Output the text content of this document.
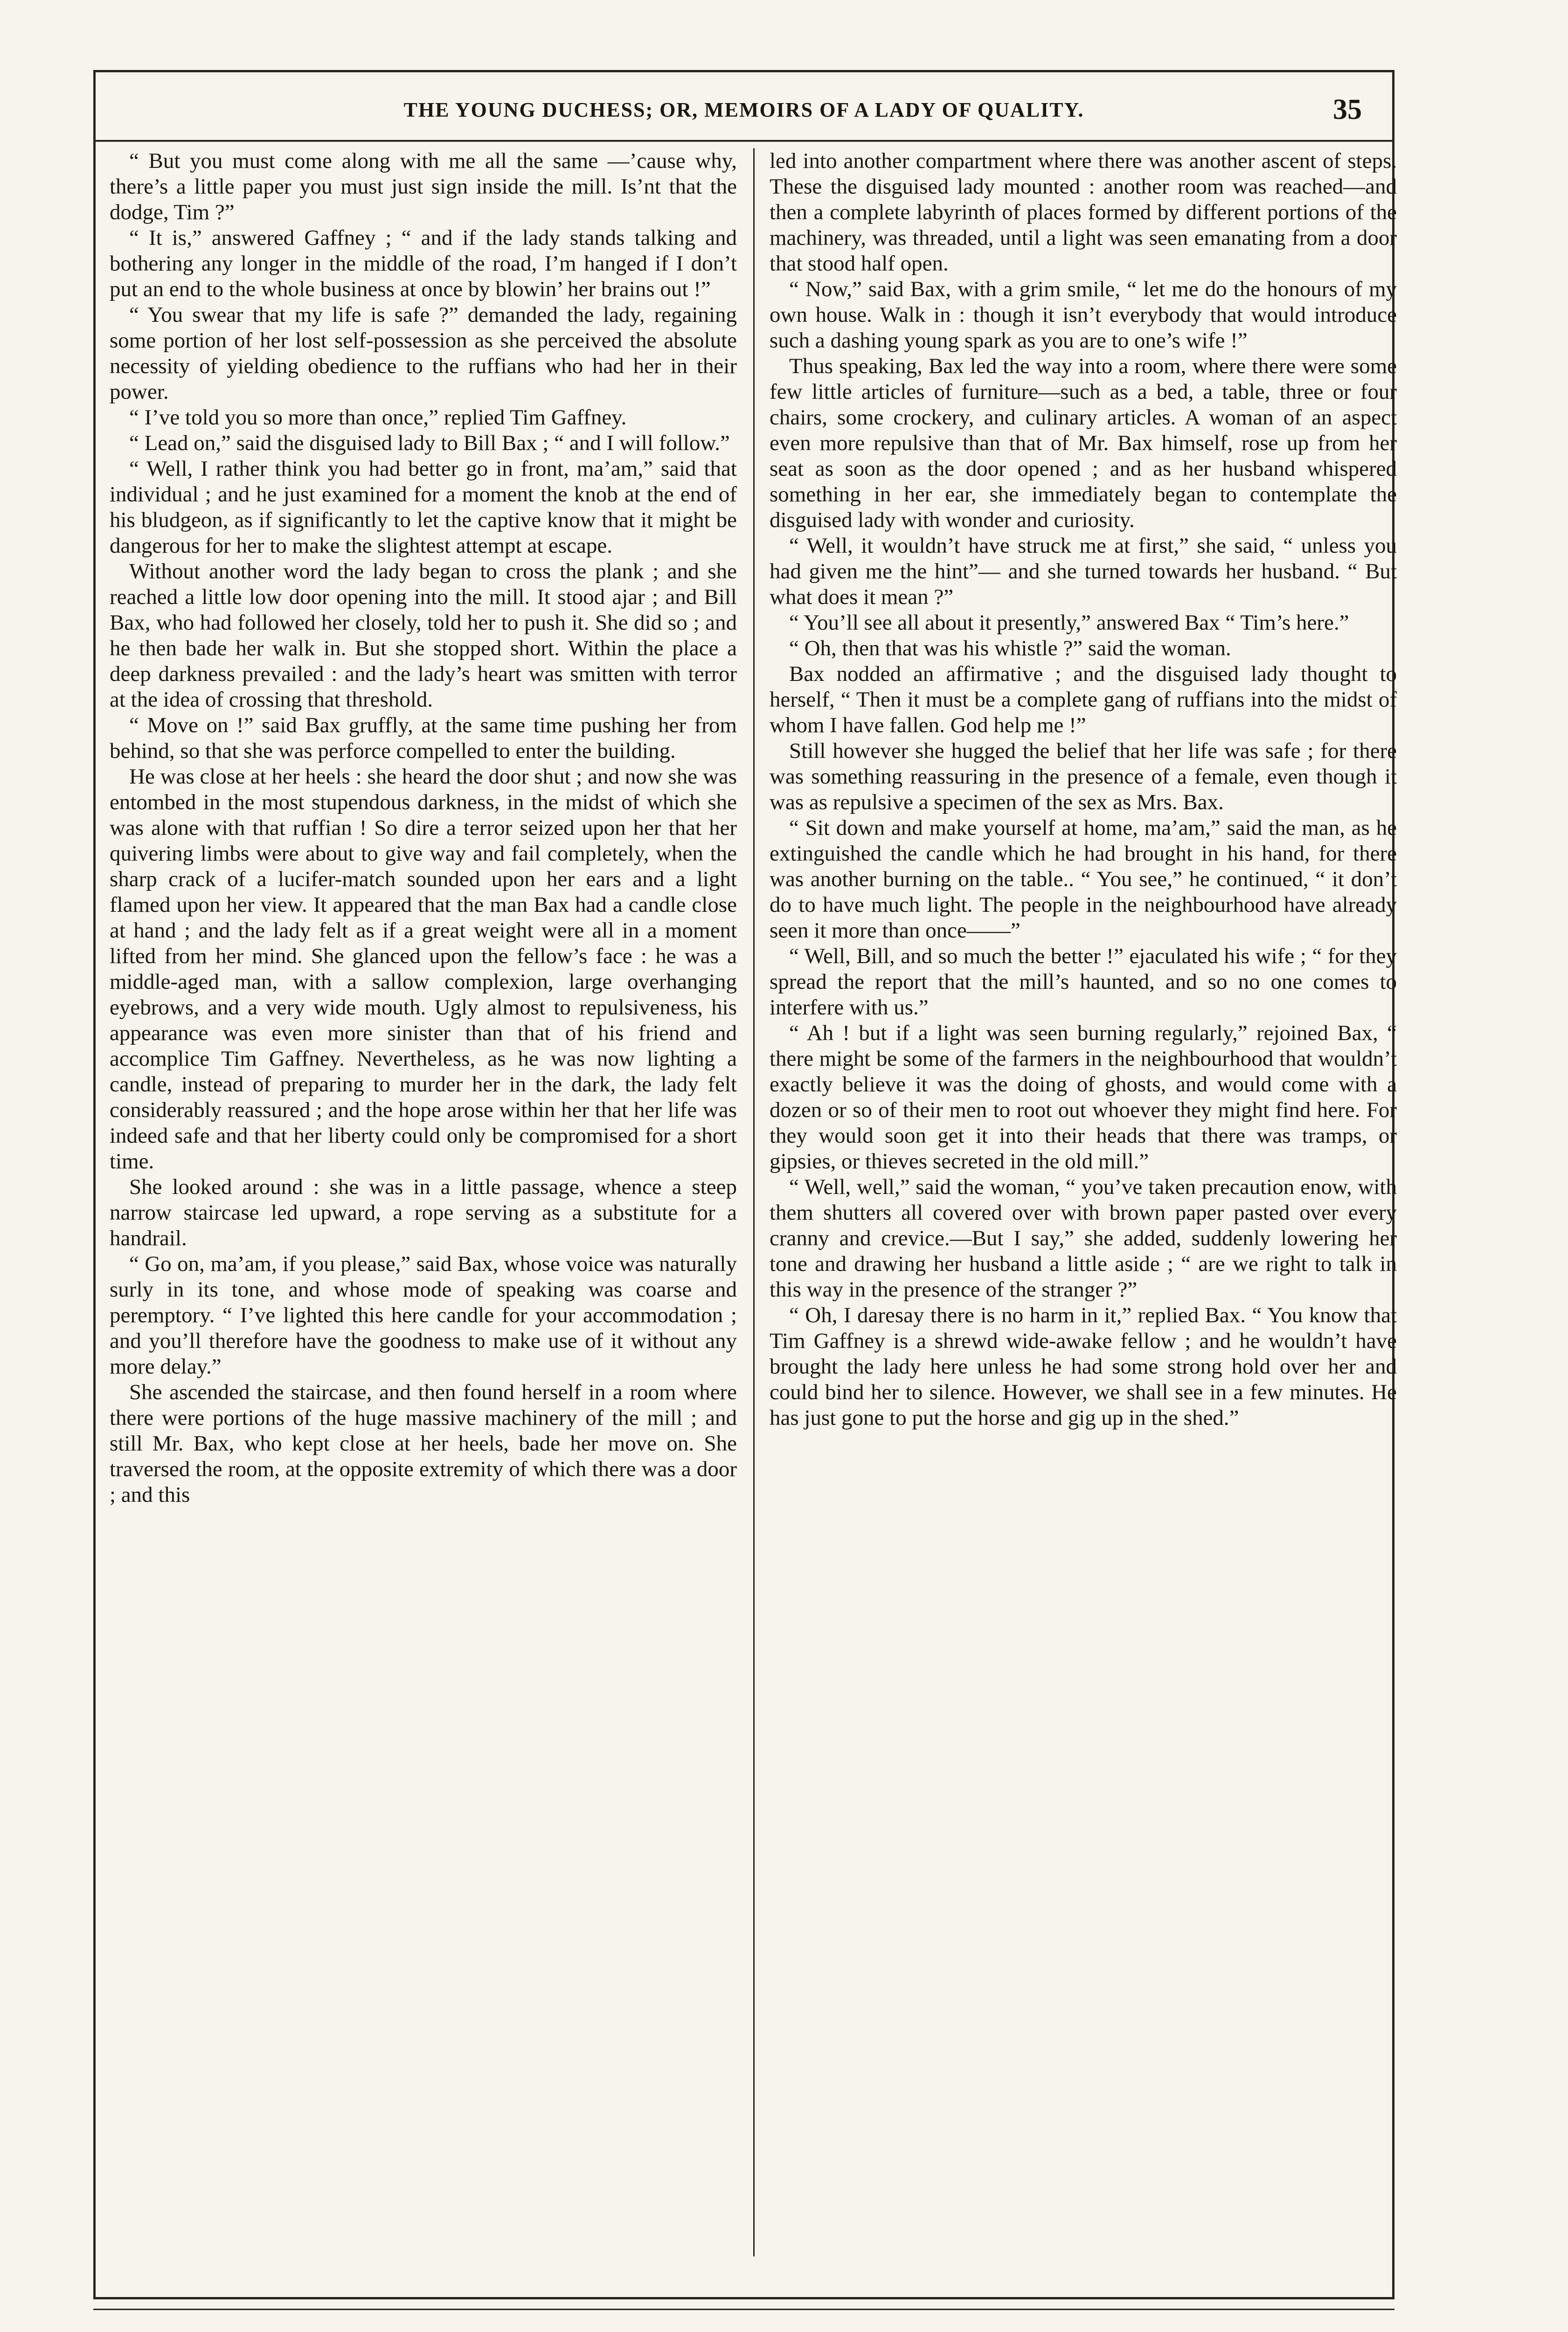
THE YOUNG DUCHESS; OR, MEMOIRS OF A LADY OF QUALITY.	35

“ But you must come along with me all the same —’cause why, there’s a little paper you must just sign inside the mill. Is’nt that the dodge, Tim ?”

“ It is,” answered Gaffney ; “ and if the lady stands talking and bothering any longer in the middle of the road, I’m hanged if I don’t put an end to the whole business at once by blowin’ her brains out !”

“ You swear that my life is safe ?” demanded the lady, regaining some portion of her lost self-possession as she perceived the absolute necessity of yielding obedience to the ruffians who had her in their power.

“ I’ve told you so more than once,” replied Tim Gaffney.

“ Lead on,” said the disguised lady to Bill Bax ; “ and I will follow.”

“ Well, I rather think you had better go in front, ma’am,” said that individual ; and he just examined for a moment the knob at the end of his bludgeon, as if significantly to let the captive know that it might be dangerous for her to make the slightest attempt at escape.

Without another word the lady began to cross the plank ; and she reached a little low door opening into the mill. It stood ajar ; and Bill Bax, who had followed her closely, told her to push it. She did so ; and he then bade her walk in. But she stopped short. Within the place a deep darkness prevailed : and the lady’s heart was smitten with terror at the idea of crossing that threshold.

“ Move on !” said Bax gruffly, at the same time pushing her from behind, so that she was perforce compelled to enter the building.

He was close at her heels : she heard the door shut ; and now she was entombed in the most stupendous darkness, in the midst of which she was alone with that ruffian ! So dire a terror seized upon her that her quivering limbs were about to give way and fail completely, when the sharp crack of a lucifer-match sounded upon her ears and a light flamed upon her view. It appeared that the man Bax had a candle close at hand ; and the lady felt as if a great weight were all in a moment lifted from her mind. She glanced upon the fellow’s face : he was a middle-aged man, with a sallow complexion, large overhanging eyebrows, and a very wide mouth. Ugly almost to repulsiveness, his appearance was even more sinister than that of his friend and accomplice Tim Gaffney. Nevertheless, as he was now lighting a candle, instead of preparing to murder her in the dark, the lady felt considerably reassured ; and the hope arose within her that her life was indeed safe and that her liberty could only be compromised for a short time.

She looked around : she was in a little passage, whence a steep narrow staircase led upward, a rope serving as a substitute for a handrail.

“ Go on, ma’am, if you please,” said Bax, whose voice was naturally surly in its tone, and whose mode of speaking was coarse and peremptory. “ I’ve lighted this here candle for your accommodation ; and you’ll therefore have the goodness to make use of it without any more delay.”

She ascended the staircase, and then found herself in a room where there were portions of the huge massive machinery of the mill ; and still Mr. Bax, who kept close at her heels, bade her move on. She traversed the room, at the opposite extremity of which there was a door ; and this

led into another compartment where there was another ascent of steps. These the disguised lady mounted : another room was reached—and then a complete labyrinth of places formed by different portions of the machinery, was threaded, until a light was seen emanating from a door that stood half open.

“ Now,” said Bax, with a grim smile, “ let me do the honours of my own house. Walk in : though it isn’t everybody that would introduce such a dashing young spark as you are to one’s wife !”

Thus speaking, Bax led the way into a room, where there were some few little articles of furniture—such as a bed, a table, three or four chairs, some crockery, and culinary articles. A woman of an aspect even more repulsive than that of Mr. Bax himself, rose up from her seat as soon as the door opened ; and as her husband whispered something in her ear, she immediately began to contemplate the disguised lady with wonder and curiosity.

“ Well, it wouldn’t have struck me at first,” she said, “ unless you had given me the hint”— and she turned towards her husband. “ But what does it mean ?”

“ You’ll see all about it presently,” answered Bax “ Tim’s here.”

“ Oh, then that was his whistle ?” said the woman.

Bax nodded an affirmative ; and the disguised lady thought to herself, “ Then it must be a complete gang of ruffians into the midst of whom I have fallen. God help me !”

Still however she hugged the belief that her life was safe ; for there was something reassuring in the presence of a female, even though it was as repulsive a specimen of the sex as Mrs. Bax.

“ Sit down and make yourself at home, ma’am,” said the man, as he extinguished the candle which he had brought in his hand, for there was another burning on the table.. “ You see,” he continued, “ it don’t do to have much light. The people in the neighbourhood have already seen it more than once——”

“ Well, Bill, and so much the better !” ejaculated his wife ; “ for they spread the report that the mill’s haunted, and so no one comes to interfere with us.”

“ Ah ! but if a light was seen burning regularly,” rejoined Bax, “ there might be some of the farmers in the neighbourhood that wouldn’t exactly believe it was the doing of ghosts, and would come with a dozen or so of their men to root out whoever they might find here. For they would soon get it into their heads that there was tramps, or gipsies, or thieves secreted in the old mill.”

“ Well, well,” said the woman, “ you’ve taken precaution enow, with them shutters all covered over with brown paper pasted over every cranny and crevice.—But I say,” she added, suddenly lowering her tone and drawing her husband a little aside ; “ are we right to talk in this way in the presence of the stranger ?”

“ Oh, I daresay there is no harm in it,” replied Bax. “ You know that Tim Gaffney is a shrewd wide-awake fellow ; and he wouldn’t have brought the lady here unless he had some strong hold over her and could bind her to silence. However, we shall see in a few minutes. He has just gone to put the horse and gig up in the shed.”
